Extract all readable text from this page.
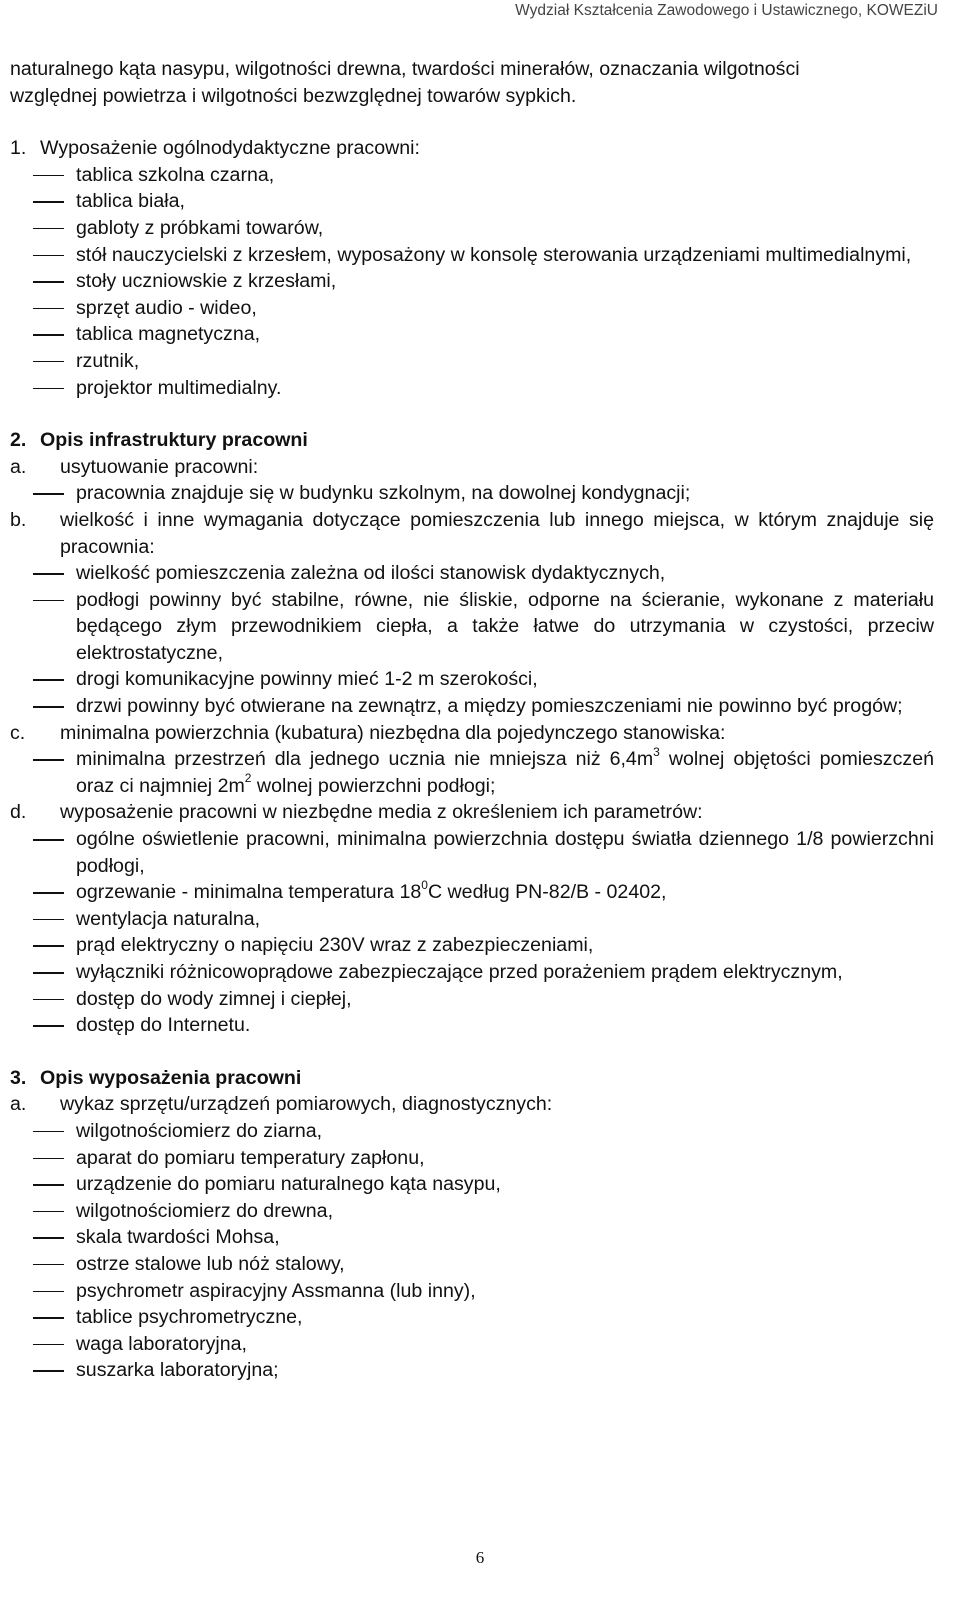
Wydział Kształcenia Zawodowego i Ustawicznego, KOWEZiU

naturalnego kąta nasypu, wilgotności drewna, twardości minerałów, oznaczania wilgotności

względnej powietrza i wilgotności bezwzględnej towarów sypkich.

1. Wyposażenie ogólnodydaktyczne pracowni:
tablica szkolna czarna,
tablica biała,
gabloty z próbkami towarów,
stół nauczycielski z krzesłem, wyposażony w konsolę sterowania urządzeniami multimedialnymi,
stoły uczniowskie z krzesłami,
sprzęt audio - wideo,
tablica magnetyczna,
rzutnik,
projektor multimedialny.
2. Opis infrastruktury pracowni
a.	usytuowanie pracowni:
pracownia znajduje się w budynku szkolnym, na dowolnej kondygnacji;
b.	wielkość i inne wymagania dotyczące pomieszczenia lub innego miejsca, w którym znajduje się pracownia:
wielkość pomieszczenia zależna od ilości stanowisk dydaktycznych,
podłogi powinny być stabilne, równe, nie śliskie, odporne na ścieranie, wykonane z materiału będącego złym przewodnikiem ciepła, a także łatwe do utrzymania w czystości, przeciw elektrostatyczne,
drogi komunikacyjne powinny mieć 1-2 m szerokości,
drzwi powinny być otwierane na zewnątrz, a między pomieszczeniami nie powinno być progów;
c.	minimalna powierzchnia (kubatura) niezbędna dla pojedynczego stanowiska:
minimalna przestrzeń dla jednego ucznia nie mniejsza niż $6,4m^3$ wolnej objętości pomieszczeń oraz ci najmniej $2m^2$ wolnej powierzchni podłogi;
d.	wyposażenie pracowni w niezbędne media z określeniem ich parametrów:
ogólne oświetlenie pracowni, minimalna powierzchnia dostępu światła dziennego 1/8 powierzchni podłogi,
ogrzewanie - minimalna temperatura $18^0C$ według PN-82/B - 02402,
wentylacja naturalna,
prąd elektryczny o napięciu 230V wraz z zabezpieczeniami,
wyłączniki różnicowoprądowe zabezpieczające przed porażeniem prądem elektrycznym,
dostęp do wody zimnej i ciepłej,
dostęp do Internetu.
3. Opis wyposażenia pracowni
a.	wykaz sprzętu/urządzeń pomiarowych, diagnostycznych:
wilgotnościomierz do ziarna,
aparat do pomiaru temperatury zapłonu,
urządzenie do pomiaru naturalnego kąta nasypu,
wilgotnościomierz do drewna,
skala twardości Mohsa,
ostrze stalowe lub nóż stalowy,
psychrometr aspiracyjny Assmanna (lub inny),
tablice psychrometryczne,
waga laboratoryjna,
suszarka laboratoryjna;
6
